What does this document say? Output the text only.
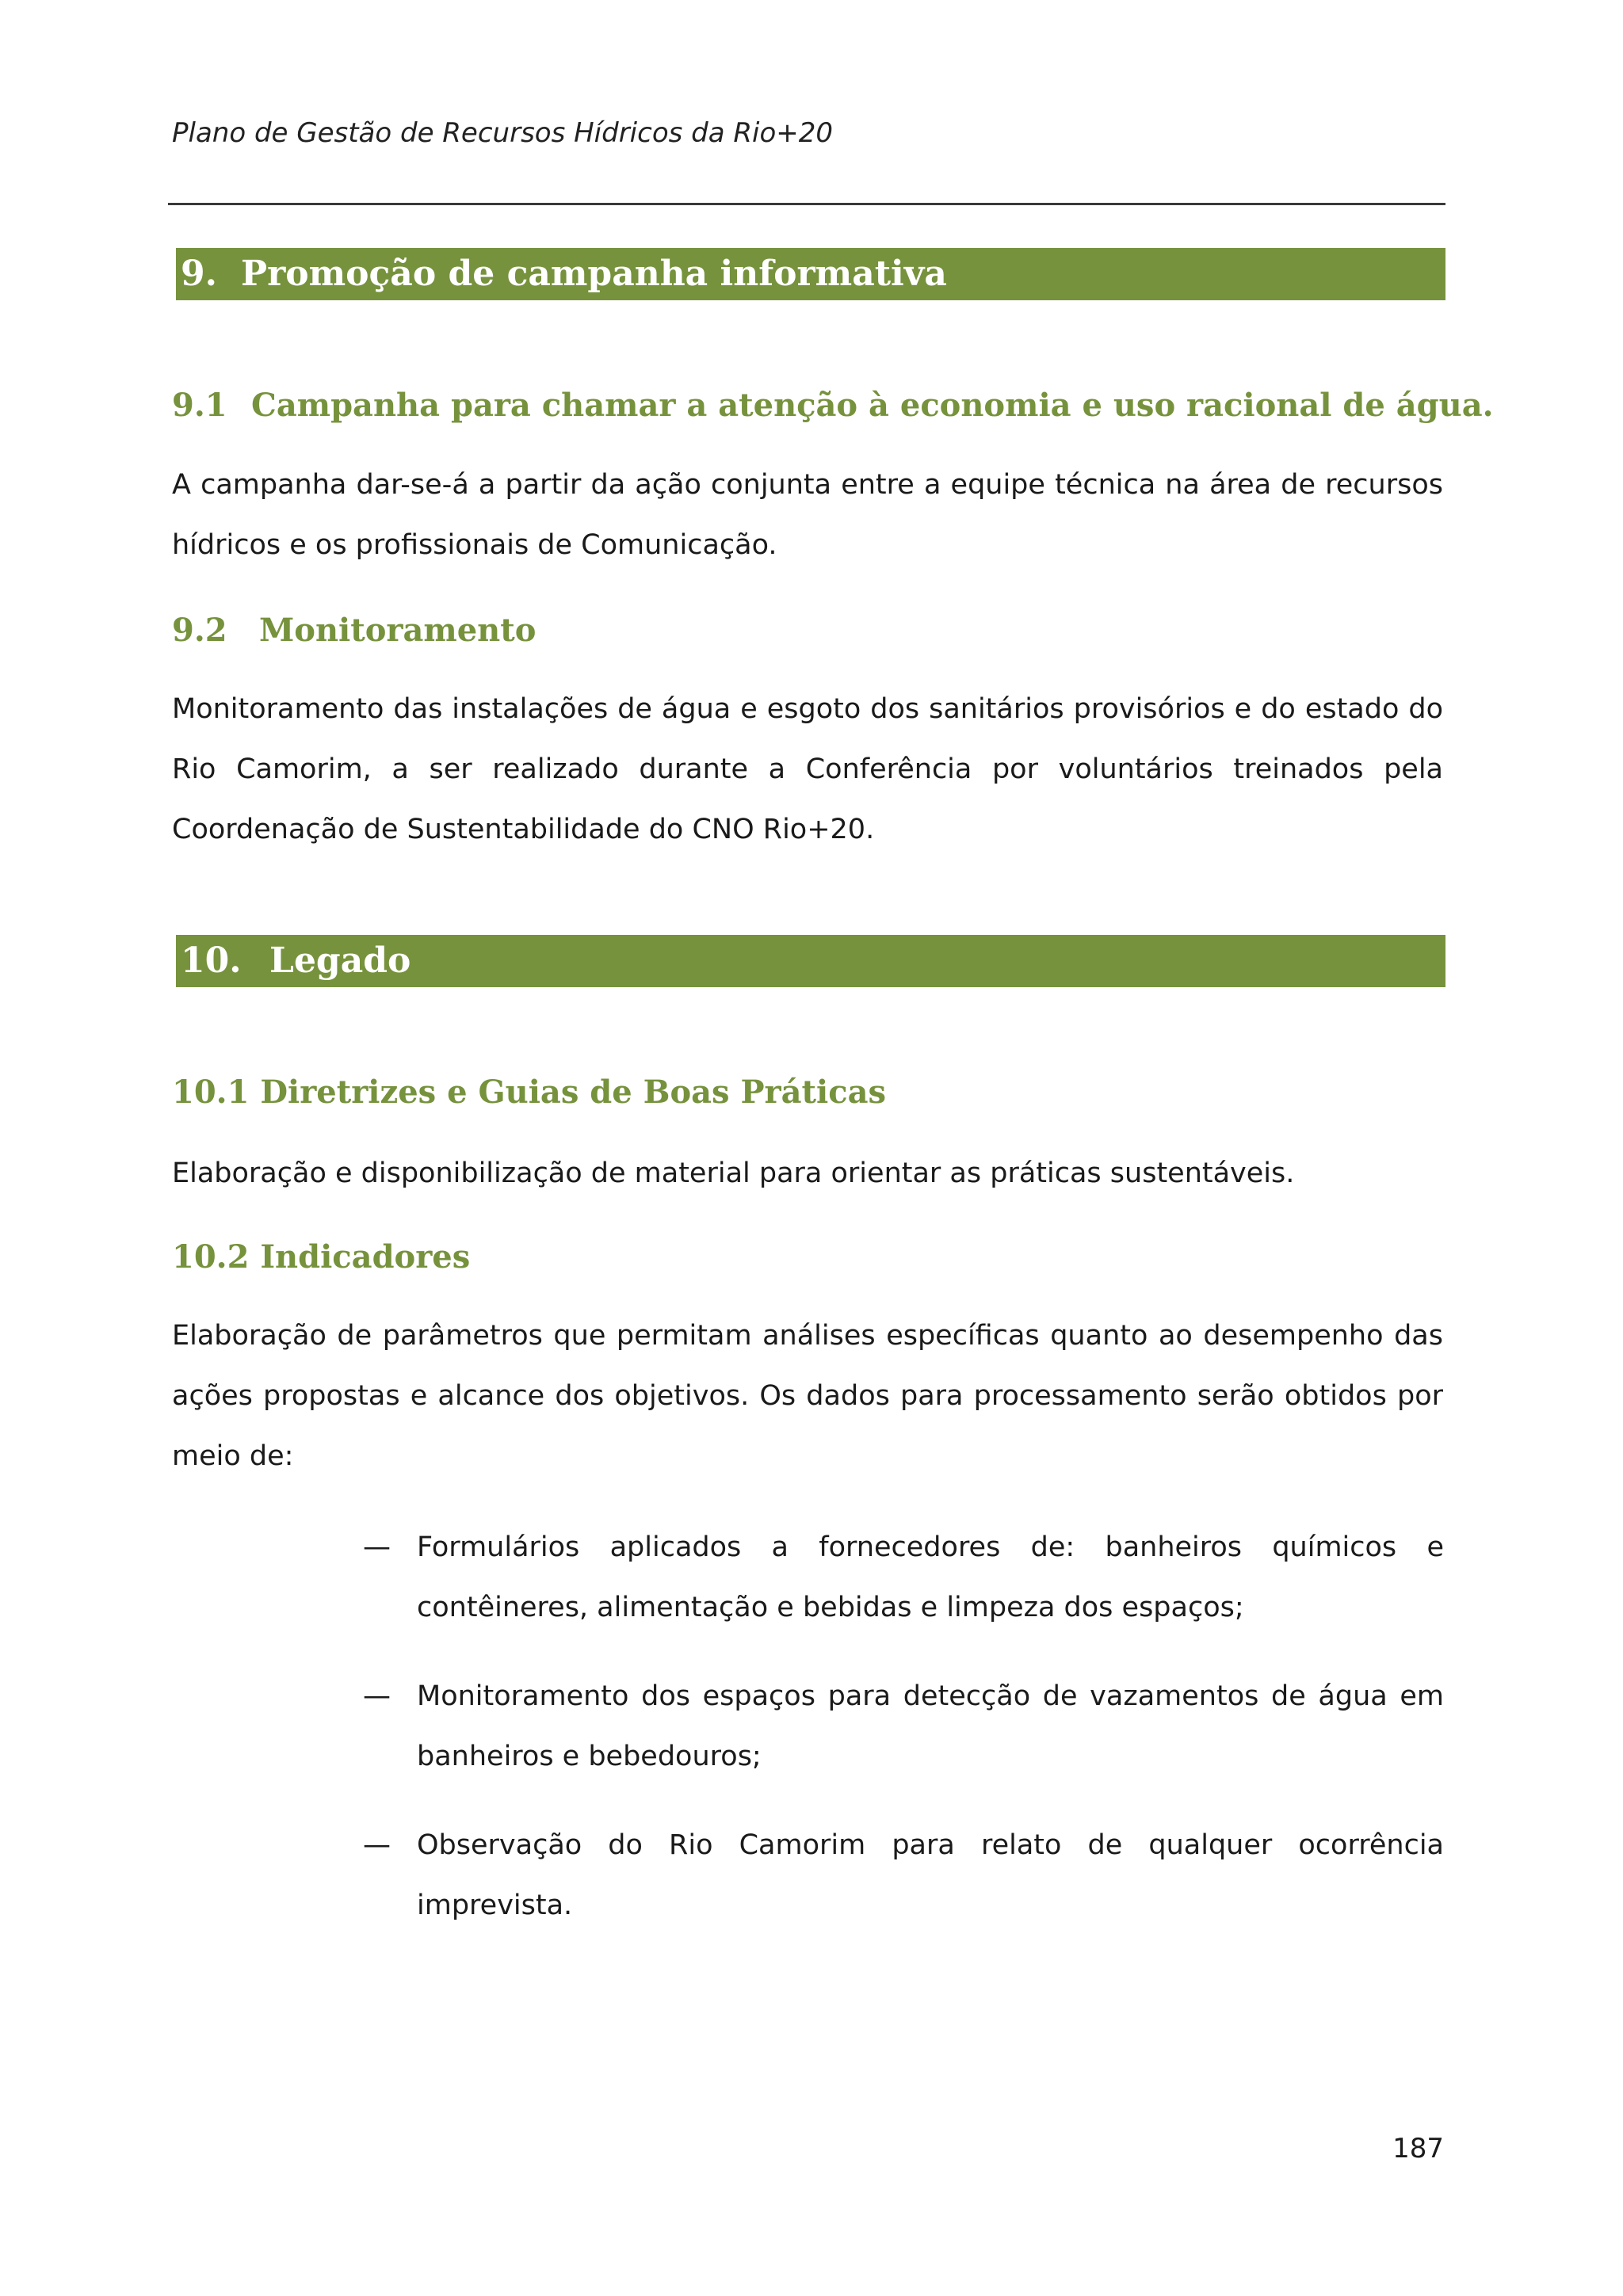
Plano de Gestão de Recursos Hídricos da Rio+20
9. Promoção de campanha informativa
9.1 Campanha para chamar a atenção à economia e uso racional de água.
A campanha dar-se-á a partir da ação conjunta entre a equipe técnica na área de recursos hídricos e os profissionais de Comunicação.
9.2 Monitoramento
Monitoramento das instalações de água e esgoto dos sanitários provisórios e do estado do Rio Camorim, a ser realizado durante a Conferência por voluntários treinados pela Coordenação de Sustentabilidade do CNO Rio+20.
10. Legado
10.1 Diretrizes e Guias de Boas Práticas
Elaboração e disponibilização de material para orientar as práticas sustentáveis.
10.2 Indicadores
Elaboração de parâmetros que permitam análises específicas quanto ao desempenho das ações propostas e alcance dos objetivos. Os dados para processamento serão obtidos por meio de:
— Formulários aplicados a fornecedores de: banheiros químicos e contêineres, alimentação e bebidas e limpeza dos espaços;
— Monitoramento dos espaços para detecção de vazamentos de água em banheiros e bebedouros;
— Observação do Rio Camorim para relato de qualquer ocorrência imprevista.
187
